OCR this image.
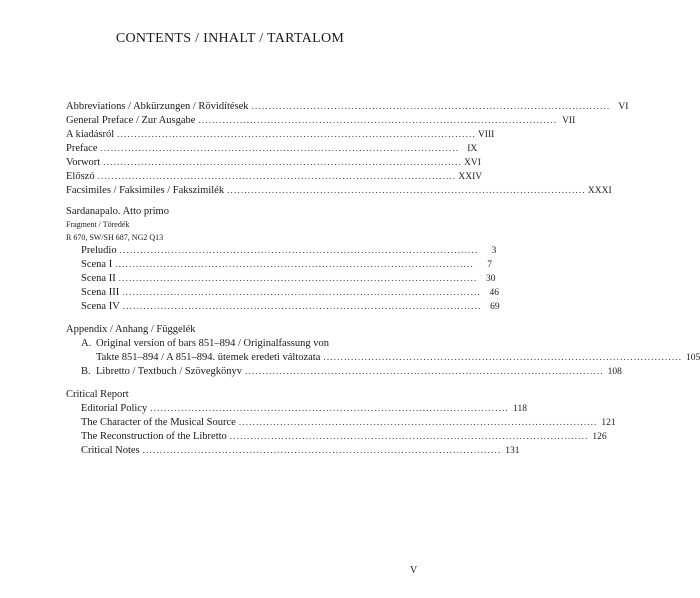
CONTENTS / INHALT / TARTALOM
Abbreviations / Abkürzungen / Rövidítések ........................................................................................................ VI
General Preface / Zur Ausgabe ........................................................................................................ VII
A kiadásról ........................................................................................................ VIII
Preface ........................................................................................................ IX
Vorwort ........................................................................................................ XVI
Előszó ........................................................................................................ XXIV
Facsimiles / Faksimiles / Fakszimilék ........................................................................................................ XXXI
Sardanapalo. Atto primo
Fragment / Töredék
R 670, SW/SH 687, NG2 Q13
Preludio ........................................................................................................	3
Scena I ........................................................................................................	7
Scena II ........................................................................................................ 30
Scena III ........................................................................................................ 46
Scena IV ........................................................................................................ 69
Appendix / Anhang / Függelék
A. Original version of bars 851–894 / Originalfassung von
Takte 851–894 / A 851–894. ütemek eredeti változata ........................................................................................................ 105
B. Libretto / Textbuch / Szövegkönyv ........................................................................................................ 108
Critical Report
Editorial Policy ........................................................................................................ 118
The Character of the Musical Source ........................................................................................................ 121
The Reconstruction of the Libretto ........................................................................................................ 126
Critical Notes ........................................................................................................ 131
V
